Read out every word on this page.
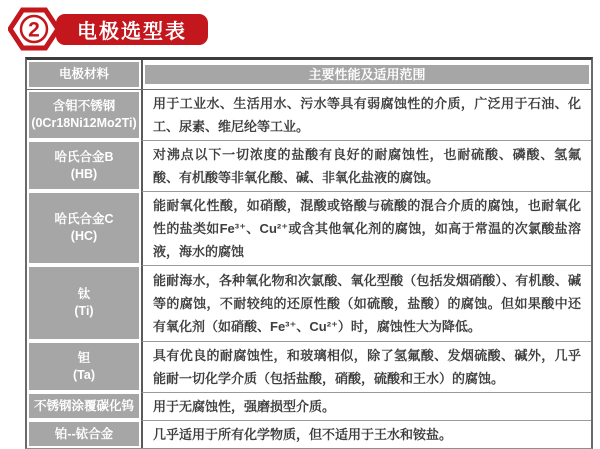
2 电极选型表
电极材料	主要性能及适用范围
含钼不锈钢
(0Cr18Ni12Mo2Ti)
用于工业水、生活用水、污水等具有弱腐蚀性的介质，广泛用于石油、化工、尿素、维尼纶等工业。
哈氏合金B
(HB)
对沸点以下一切浓度的盐酸有良好的耐腐蚀性，也耐硫酸、磷酸、氢氟酸、有机酸等非氧化酸、碱、非氧化盐液的腐蚀。
哈氏合金C
(HC)
能耐氧化性酸，如硝酸，混酸或铬酸与硫酸的混合介质的腐蚀，也耐氧化性的盐类如Fe³⁺、Cu²⁺或含其他氧化剂的腐蚀，如高于常温的次氯酸盐溶液，海水的腐蚀
钛
(Ti)
能耐海水，各种氧化物和次氯酸、氧化型酸（包括发烟硝酸）、有机酸、碱等的腐蚀，不耐较纯的还原性酸（如硫酸，盐酸）的腐蚀。但如果酸中还有氧化剂（如硝酸、Fe³⁺、Cu²⁺）时，腐蚀性大为降低。
钽
(Ta)
具有优良的耐腐蚀性，和玻璃相似，除了氢氟酸、发烟硫酸、碱外，几乎能耐一切化学介质（包括盐酸，硝酸，硫酸和王水）的腐蚀。
不锈钢涂覆碳化钨 用于无腐蚀性，强磨损型介质。
铂--铱合金	几乎适用于所有化学物质，但不适用于王水和铵盐。
